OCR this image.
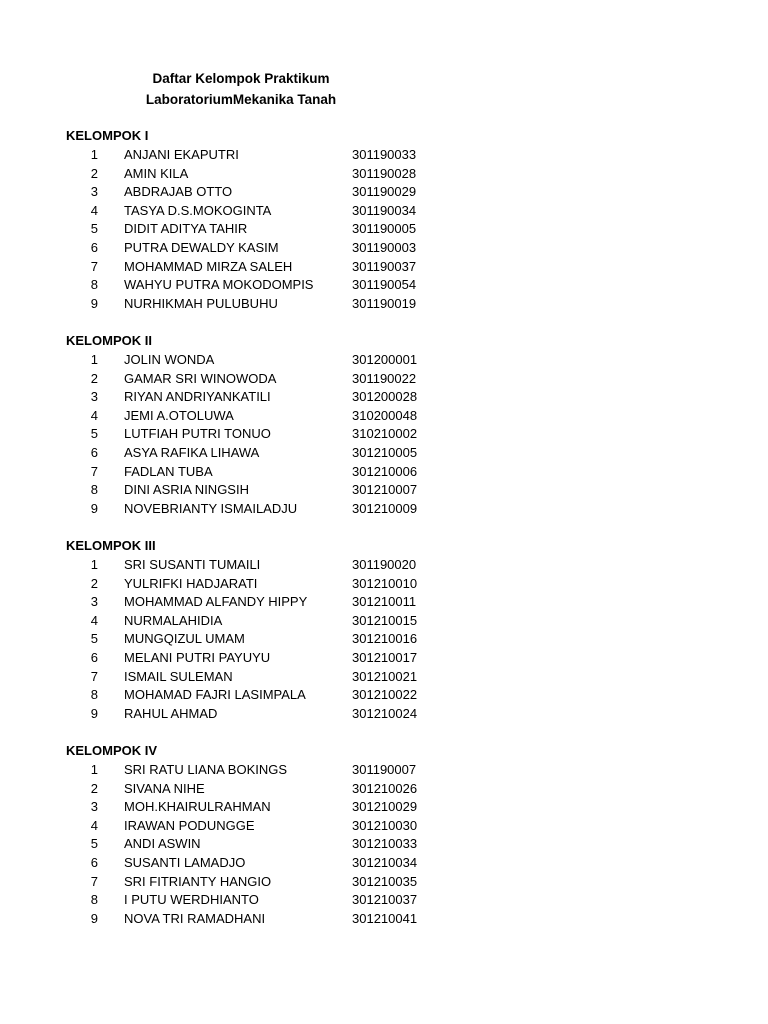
Daftar Kelompok Praktikum
LaboratoriumMekanika Tanah
KELOMPOK I
1 ANJANI EKAPUTRI	301190033
2 AMIN KILA	301190028
3 ABDRAJAB OTTO	301190029
4 TASYA D.S.MOKOGINTA	301190034
5 DIDIT ADITYA TAHIR	301190005
6 PUTRA DEWALDY KASIM	301190003
7 MOHAMMAD MIRZA SALEH	301190037
8 WAHYU PUTRA MOKODOMPIS	301190054
9 NURHIKMAH PULUBUHU	301190019
KELOMPOK II
1 JOLIN WONDA	301200001
2 GAMAR SRI WINOWODA	301190022
3 RIYAN ANDRIYANKATILI	301200028
4 JEMI A.OTOLUWA	310200048
5 LUTFIAH PUTRI TONUO	310210002
6 ASYA RAFIKA LIHAWA	301210005
7 FADLAN TUBA	301210006
8 DINI ASRIA NINGSIH	301210007
9 NOVEBRIANTY ISMAILADJU	301210009
KELOMPOK III
1 SRI SUSANTI TUMAILI	301190020
2 YULRIFKI HADJARATI	301210010
3 MOHAMMAD ALFANDY HIPPY	301210011
4 NURMALAHIDIA	301210015
5 MUNGQIZUL UMAM	301210016
6 MELANI PUTRI PAYUYU	301210017
7 ISMAIL SULEMAN	301210021
8 MOHAMAD FAJRI LASIMPALA	301210022
9 RAHUL AHMAD	301210024
KELOMPOK IV
1 SRI RATU LIANA BOKINGS	301190007
2 SIVANA NIHE	301210026
3 MOH.KHAIRULRAHMAN	301210029
4 IRAWAN PODUNGGE	301210030
5 ANDI ASWIN	301210033
6 SUSANTI LAMADJO	301210034
7 SRI FITRIANTY HANGIO	301210035
8 I PUTU WERDHIANTO	301210037
9 NOVA TRI RAMADHANI	301210041
